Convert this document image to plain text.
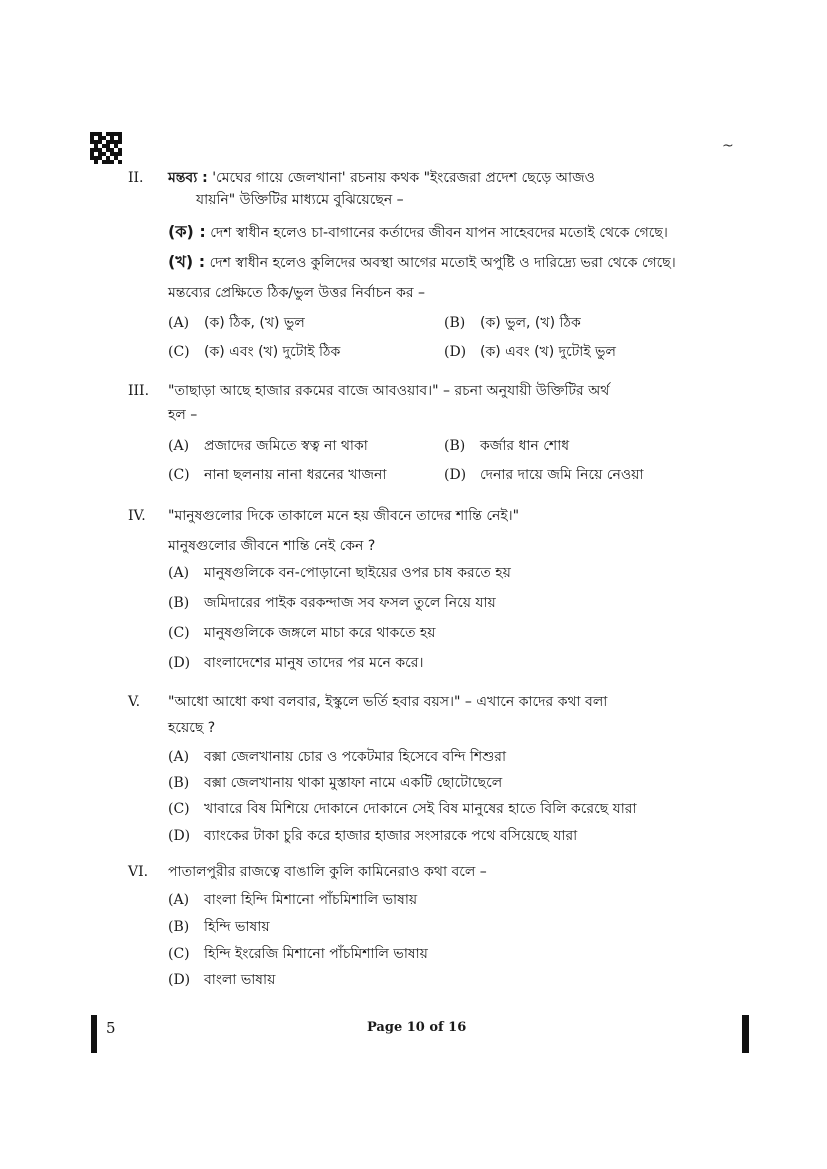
~
II. মন্তব্য : 'মেঘের গায়ে জেলখানা' রচনায় কথক "ইংরেজরা প্রদেশ ছেড়ে আজও
যায়নি" উক্তিটির মাধ্যমে বুঝিয়েছেন –
(ক) : দেশ স্বাধীন হলেও চা-বাগানের কর্তাদের জীবন যাপন সাহেবদের মতোই থেকে গেছে।
(খ) : দেশ স্বাধীন হলেও কুলিদের অবস্থা আগের মতোই অপুষ্টি ও দারিদ্র্যে ভরা থেকে গেছে।
মন্তব্যের প্রেক্ষিতে ঠিক/ভুল উত্তর নির্বাচন কর –
(A) (ক) ঠিক, (খ) ভুল	(B) (ক) ভুল, (খ) ঠিক
(C) (ক) এবং (খ) দুটোই ঠিক	(D) (ক) এবং (খ) দুটোই ভুল
III. "তাছাড়া আছে হাজার রকমের বাজে আবওয়াব।" – রচনা অনুযায়ী উক্তিটির অর্থ
হল –
(A) প্রজাদের জমিতে স্বত্ব না থাকা	(B) কর্জার ধান শোধ
(C) নানা ছলনায় নানা ধরনের খাজনা	(D) দেনার দায়ে জমি নিয়ে নেওয়া
IV. "মানুষগুলোর দিকে তাকালে মনে হয় জীবনে তাদের শান্তি নেই।"
মানুষগুলোর জীবনে শান্তি নেই কেন ?
(A) মানুষগুলিকে বন-পোড়ানো ছাইয়ের ওপর চাষ করতে হয়
(B) জমিদারের পাইক বরকন্দাজ সব ফসল তুলে নিয়ে যায়
(C) মানুষগুলিকে জঙ্গলে মাচা করে থাকতে হয়
(D) বাংলাদেশের মানুষ তাদের পর মনে করে।
V. "আধো আধো কথা বলবার, ইস্কুলে ভর্তি হবার বয়স।" – এখানে কাদের কথা বলা
হয়েছে ?
(A) বক্সা জেলখানায় চোর ও পকেটমার হিসেবে বন্দি শিশুরা
(B) বক্সা জেলখানায় থাকা মুস্তাফা নামে একটি ছোটোছেলে
(C) খাবারে বিষ মিশিয়ে দোকানে দোকানে সেই বিষ মানুষের হাতে বিলি করেছে যারা
(D) ব্যাংকের টাকা চুরি করে হাজার হাজার সংসারকে পথে বসিয়েছে যারা
VI. পাতালপুরীর রাজত্বে বাঙালি কুলি কামিনেরাও কথা বলে –
(A) বাংলা হিন্দি মিশানো পাঁচমিশালি ভাষায়
(B) হিন্দি ভাষায়
(C) হিন্দি ইংরেজি মিশানো পাঁচমিশালি ভাষায়
(D) বাংলা ভাষায়
5	Page 10 of 16
